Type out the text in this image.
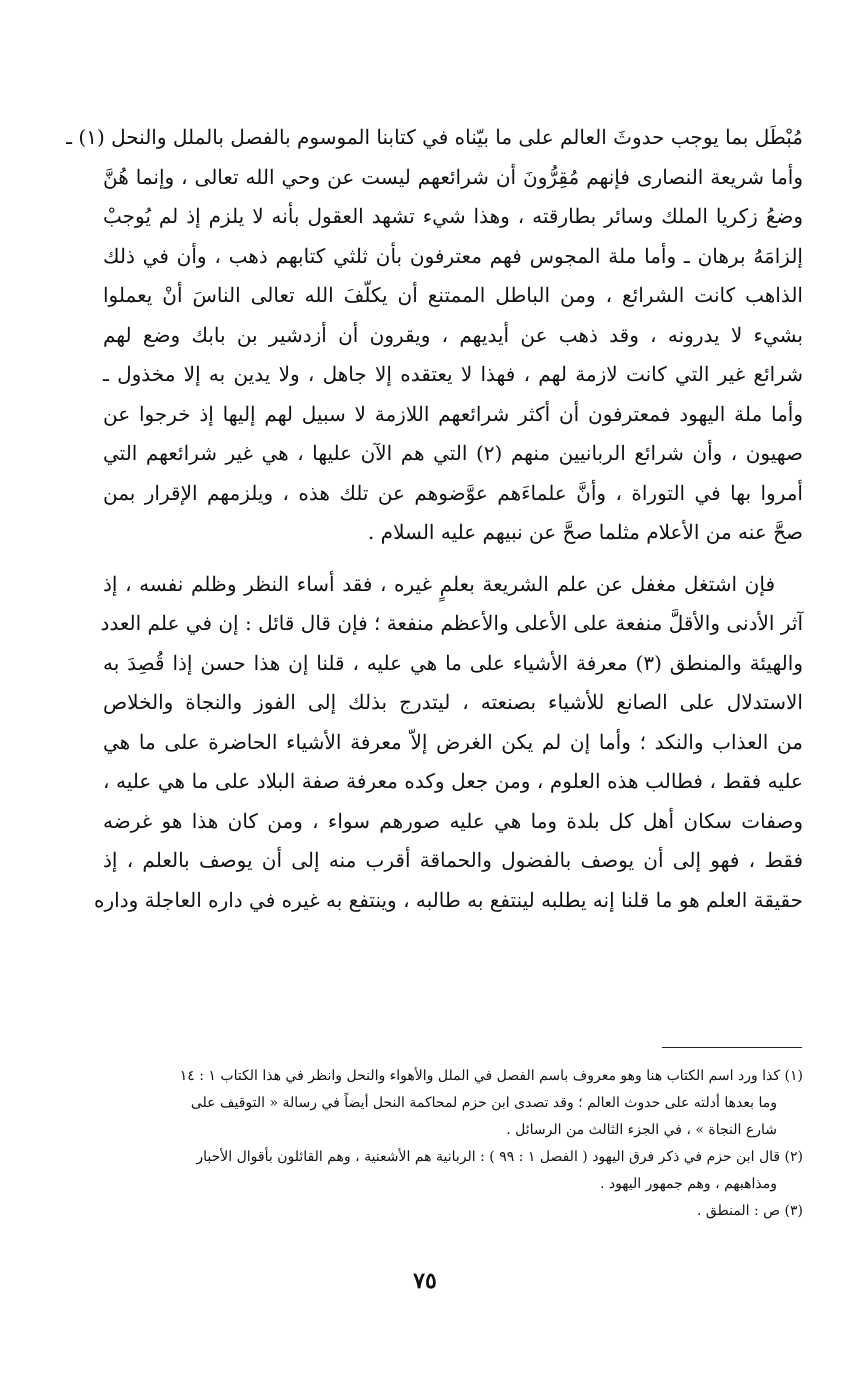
مُبْطَل بما يوجب حدوثَ العالم على ما بيّناه في كتابنا الموسوم بالفصل بالملل والنحل (١) ـ
وأما شريعة النصارى فإنهم مُقِرُّونَ أن شرائعهم ليست عن وحي الله تعالى ، وإنما هُنَّ
وضعُ زكريا الملك وسائر بطارقته ، وهذا شيء تشهد العقول بأنه لا يلزم إذ لم يُوجبْ
إلزامَهُ برهان ـ وأما ملة المجوس فهم معترفون بأن ثلثي كتابهم ذهب ، وأن في ذلك
الذاهب كانت الشرائع ، ومن الباطل الممتنع أن يكلّفَ الله تعالى الناسَ أنْ يعملوا
بشيء لا يدرونه ، وقد ذهب عن أيديهم ، ويقرون أن أزدشير بن بابك وضع لهم
شرائع غير التي كانت لازمة لهم ، فهذا لا يعتقده إلا جاهل ، ولا يدين به إلا مخذول ـ
وأما ملة اليهود فمعترفون أن أكثر شرائعهم اللازمة لا سبيل لهم إليها إذ خرجوا عن
صهيون ، وأن شرائع الربانيين منهم (٢) التي هم الآن عليها ، هي غير شرائعهم التي
أمروا بها في التوراة ، وأنَّ علماءَهم عوَّضوهم عن تلك هذه ، ويلزمهم الإقرار بمن
صحَّ عنه من الأعلام مثلما صحَّ عن نبيهم عليه السلام .
فإن اشتغل مغفل عن علم الشريعة بعلمٍ غيره ، فقد أساء النظر وظلم نفسه ، إذ
آثر الأدنى والأقلَّ منفعة على الأعلى والأعظم منفعة ؛ فإن قال قائل : إن في علم العدد
والهيئة والمنطق (٣) معرفة الأشياء على ما هي عليه ، قلنا إن هذا حسن إذا قُصِدَ به
الاستدلال على الصانع للأشياء بصنعته ، ليتدرج بذلك إلى الفوز والنجاة والخلاص
من العذاب والنكد ؛ وأما إن لم يكن الغرض إلاّ معرفة الأشياء الحاضرة على ما هي
عليه فقط ، فطالب هذه العلوم ، ومن جعل وكده معرفة صفة البلاد على ما هي عليه ،
وصفات سكان أهل كل بلدة وما هي عليه صورهم سواء ، ومن كان هذا هو غرضه
فقط ، فهو إلى أن يوصف بالفضول والحماقة أقرب منه إلى أن يوصف بالعلم ، إذ
حقيقة العلم هو ما قلنا إنه يطلبه لينتفع به طالبه ، وينتفع به غيره في داره العاجلة وداره
(١) كذا ورد اسم الكتاب هنا وهو معروف باسم الفصل في الملل والأهواء والنحل وانظر في هذا الكتاب ١ : ١٤
وما بعدها أدلته على حدوث العالم ؛ وقد تصدى ابن حزم لمحاكمة النحل أيضاً في رسالة « التوقيف على
شارع النجاة » ، في الجزء الثالث من الرسائل .
(٢) قال ابن حزم في ذكر فرق اليهود ( الفصل ١ : ٩٩ ) : الربانية هم الأشعنية ، وهم القائلون بأقوال الأحبار
ومذاهبهم ، وهم جمهور اليهود .
(٣) ص : المنطق .
٧٥
